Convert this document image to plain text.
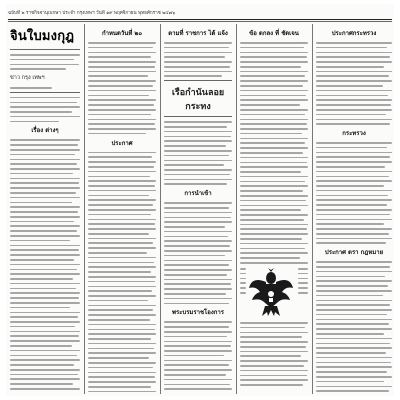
ฉบับที่ ๒ ราชกิจจานุเบกษา ประจำ กรุงเทพฯ วันที่ ๑๙ พฤศจิกายน พุทธศักราช ๒๔๗๖
จินใบมงกุฎ
ข่าว กรุง เทพฯ
เรื่อง ต่างๆ
กำหนดวันที่ ๒๐
ประกาศ
ตามที่ ราชการ ได้ แจ้ง
เรือกำนันลอยกระทง
การนำเข้า
พระบรมราชโองการ
ข้อ ตกลง ที่ ชัดเจน	ประกาศกระทรวง
กระทรวง
ประกาศ ตรา กฎหมาย
